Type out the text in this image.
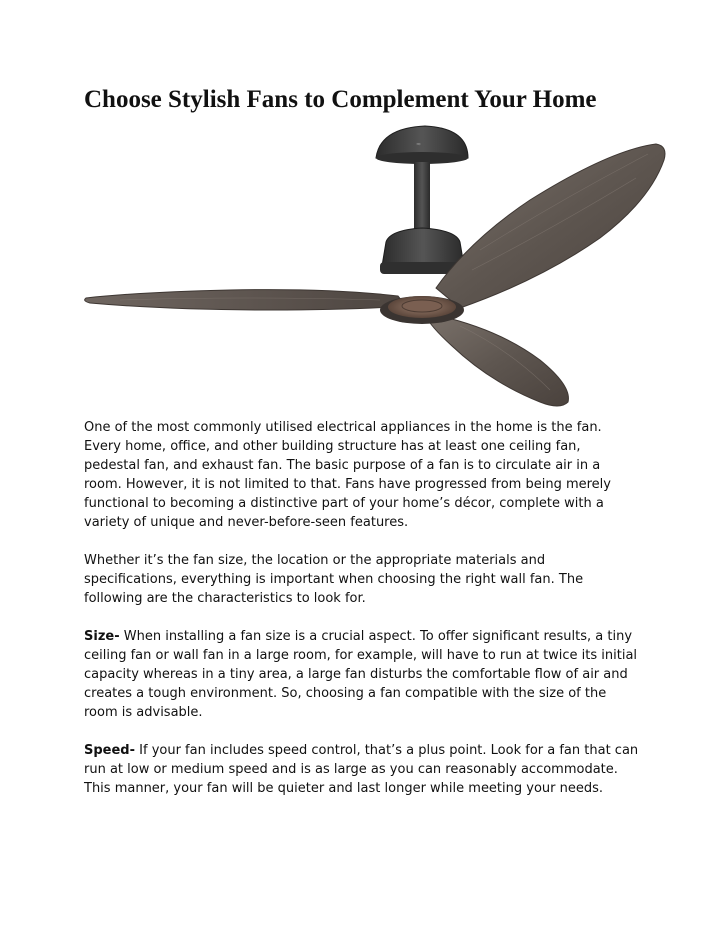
Choose Stylish Fans to Complement Your Home
≈

One of the most commonly utilised electrical appliances in the home is the fan. Every home, office, and other building structure has at least one ceiling fan, pedestal fan, and exhaust fan. The basic purpose of a fan is to circulate air in a room. However, it is not limited to that. Fans have progressed from being merely functional to becoming a distinctive part of your home’s décor, complete with a variety of unique and never-before-seen features.

Whether it’s the fan size, the location or the appropriate materials and specifications, everything is important when choosing the right wall fan. The following are the characteristics to look for.

Size- When installing a fan size is a crucial aspect. To offer significant results, a tiny ceiling fan or wall fan in a large room, for example, will have to run at twice its initial capacity whereas in a tiny area, a large fan disturbs the comfortable flow of air and creates a tough environment. So, choosing a fan compatible with the size of the room is advisable.

Speed- If your fan includes speed control, that’s a plus point. Look for a fan that can run at low or medium speed and is as large as you can reasonably accommodate. This manner, your fan will be quieter and last longer while meeting your needs.
